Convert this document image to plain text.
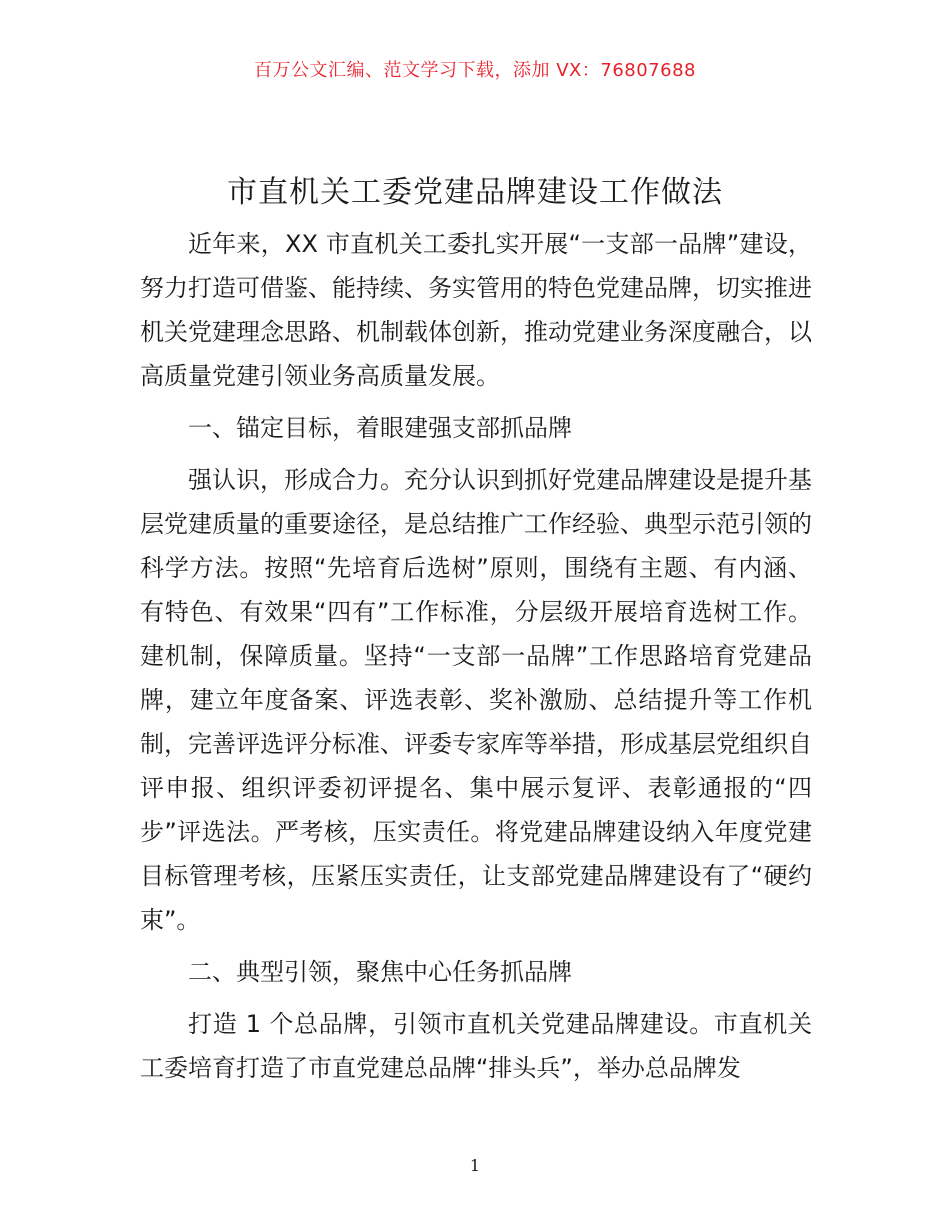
百万公文汇编、范文学习下载，添加 VX：76807688
市直机关工委党建品牌建设工作做法

近年来，XX 市直机关工委扎实开展“一支部一品牌”建设，努力打造可借鉴、能持续、务实管用的特色党建品牌，切实推进机关党建理念思路、机制载体创新，推动党建业务深度融合，以高质量党建引领业务高质量发展。

一、锚定目标，着眼建强支部抓品牌

强认识，形成合力。充分认识到抓好党建品牌建设是提升基层党建质量的重要途径，是总结推广工作经验、典型示范引领的科学方法。按照“先培育后选树”原则，围绕有主题、有内涵、有特色、有效果“四有”工作标准，分层级开展培育选树工作。建机制，保障质量。坚持“一支部一品牌”工作思路培育党建品牌，建立年度备案、评选表彰、奖补激励、总结提升等工作机制，完善评选评分标准、评委专家库等举措，形成基层党组织自评申报、组织评委初评提名、集中展示复评、表彰通报的“四步”评选法。严考核，压实责任。将党建品牌建设纳入年度党建目标管理考核，压紧压实责任，让支部党建品牌建设有了“硬约束”。

二、典型引领，聚焦中心任务抓品牌

打造 1 个总品牌，引领市直机关党建品牌建设。市直机关工委培育打造了市直党建总品牌“排头兵”，举办总品牌发

1
